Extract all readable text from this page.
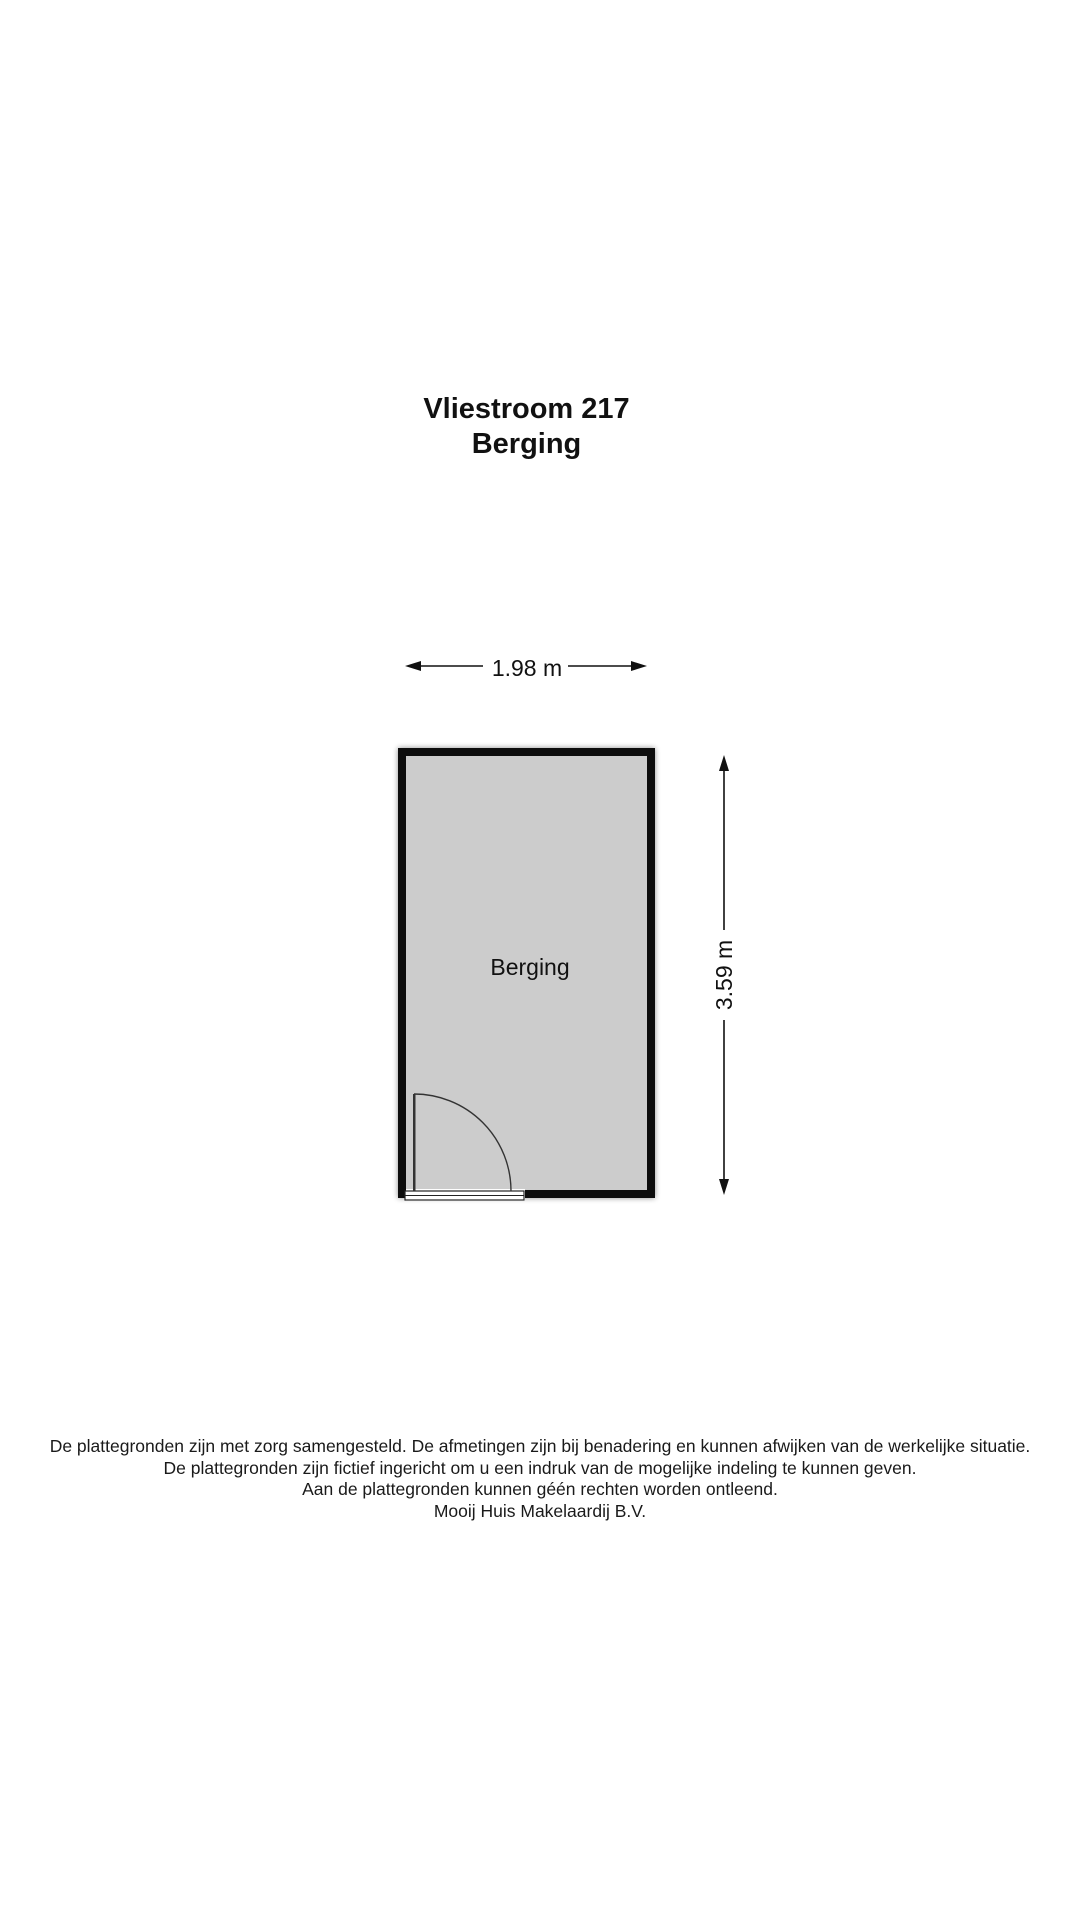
Vliestroom 217
Berging
1.98 m
Berging	3.59 m
De plattegronden zijn met zorg samengesteld. De afmetingen zijn bij benadering en kunnen afwijken van de werkelijke situatie.
De plattegronden zijn fictief ingericht om u een indruk van de mogelijke indeling te kunnen geven.
Aan de plattegronden kunnen géén rechten worden ontleend.
Mooij Huis Makelaardij B.V.
